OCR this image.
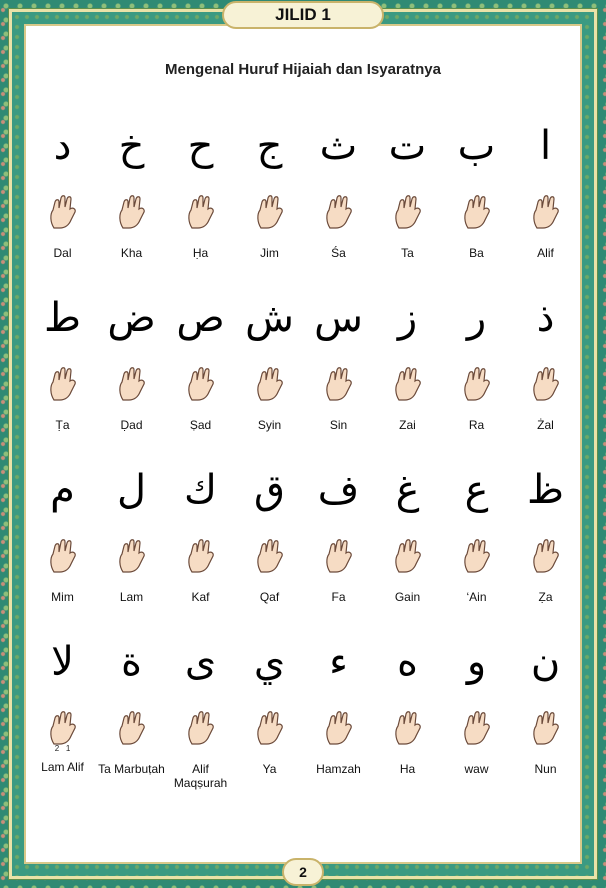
JILID 1
Mengenal Huruf Hijaiah dan Isyaratnya
د
Dal
خ
Kha
ح
Ḥa
ج
Jim
ث
Śa
ت
Ta
ب
Ba
ا
Alif
ط
Ṭa
ض
Ḍad
ص
Ṣad
ش
Syin
س
Sin
ز
Zai
ر
Ra
ذ
Żal
م
Mim
ل
Lam
ك
Kaf
ق
Qaf
ف
Fa
غ
Gain
ع
‘Ain
ظ
Ẓa
لا
2   1
Lam Alif
ة
Ta Marbuṭah
ى
Alif Maqṣurah
ي
Ya
ء
Hamzah
ه
Ha
و
waw
ن
Nun
2
